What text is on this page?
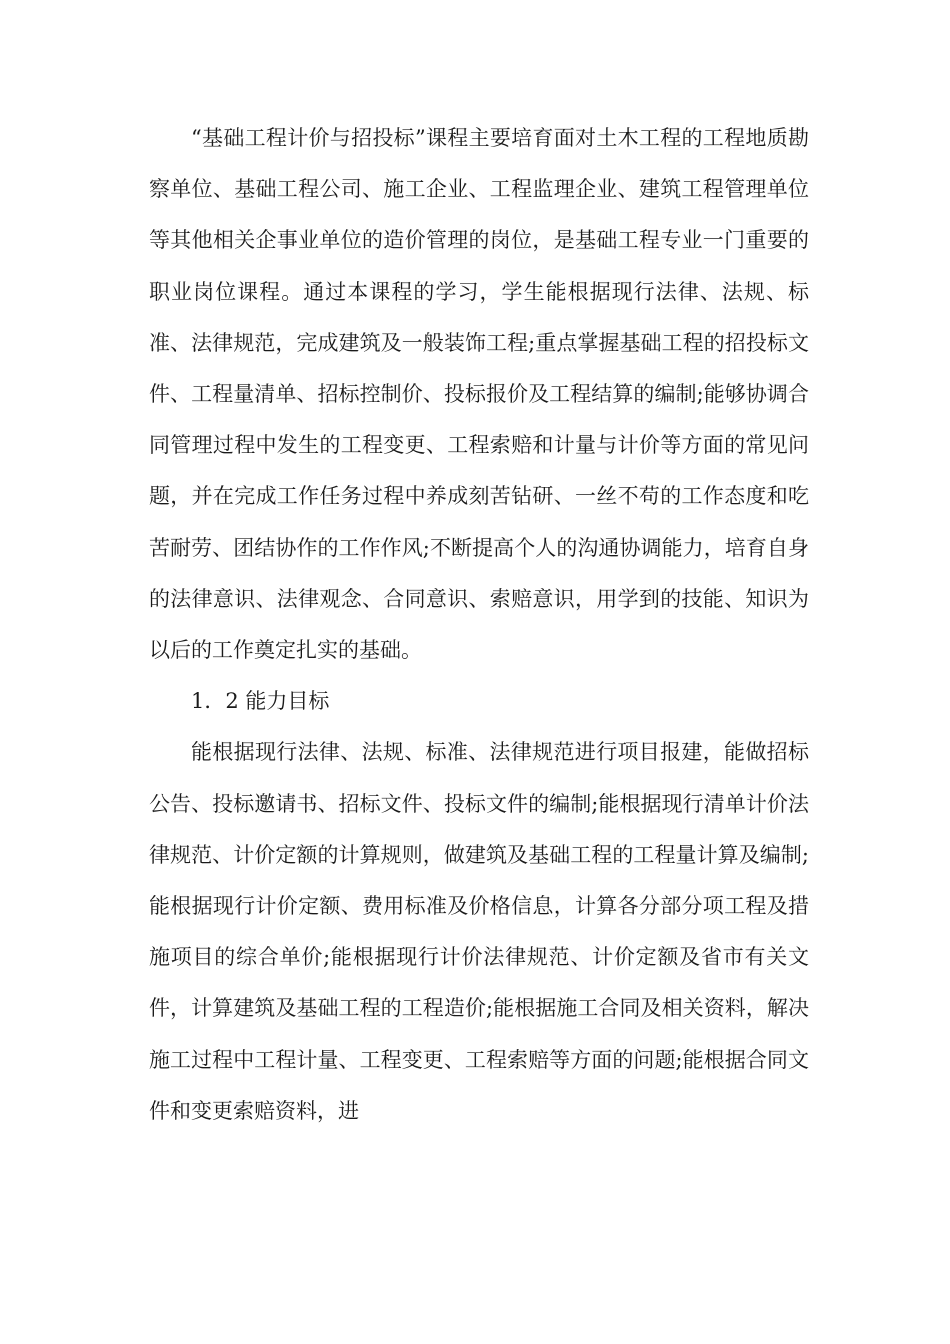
“基础工程计价与招投标”课程主要培育面对土木工程的工程地质勘察单位、基础工程公司、施工企业、工程监理企业、建筑工程管理单位等其他相关企事业单位的造价管理的岗位，是基础工程专业一门重要的职业岗位课程。通过本课程的学习，学生能根据现行法律、法规、标准、法律规范，完成建筑及一般装饰工程;重点掌握基础工程的招投标文件、工程量清单、招标控制价、投标报价及工程结算的编制;能够协调合同管理过程中发生的工程变更、工程索赔和计量与计价等方面的常见问题，并在完成工作任务过程中养成刻苦钻研、一丝不苟的工作态度和吃苦耐劳、团结协作的工作作风;不断提高个人的沟通协调能力，培育自身的法律意识、法律观念、合同意识、索赔意识，用学到的技能、知识为以后的工作奠定扎实的基础。

1．2 能力目标

能根据现行法律、法规、标准、法律规范进行项目报建，能做招标公告、投标邀请书、招标文件、投标文件的编制;能根据现行清单计价法律规范、计价定额的计算规则，做建筑及基础工程的工程量计算及编制;能根据现行计价定额、费用标准及价格信息，计算各分部分项工程及措施项目的综合单价;能根据现行计价法律规范、计价定额及省市有关文件，计算建筑及基础工程的工程造价;能根据施工合同及相关资料，解决施工过程中工程计量、工程变更、工程索赔等方面的问题;能根据合同文件和变更索赔资料，进
